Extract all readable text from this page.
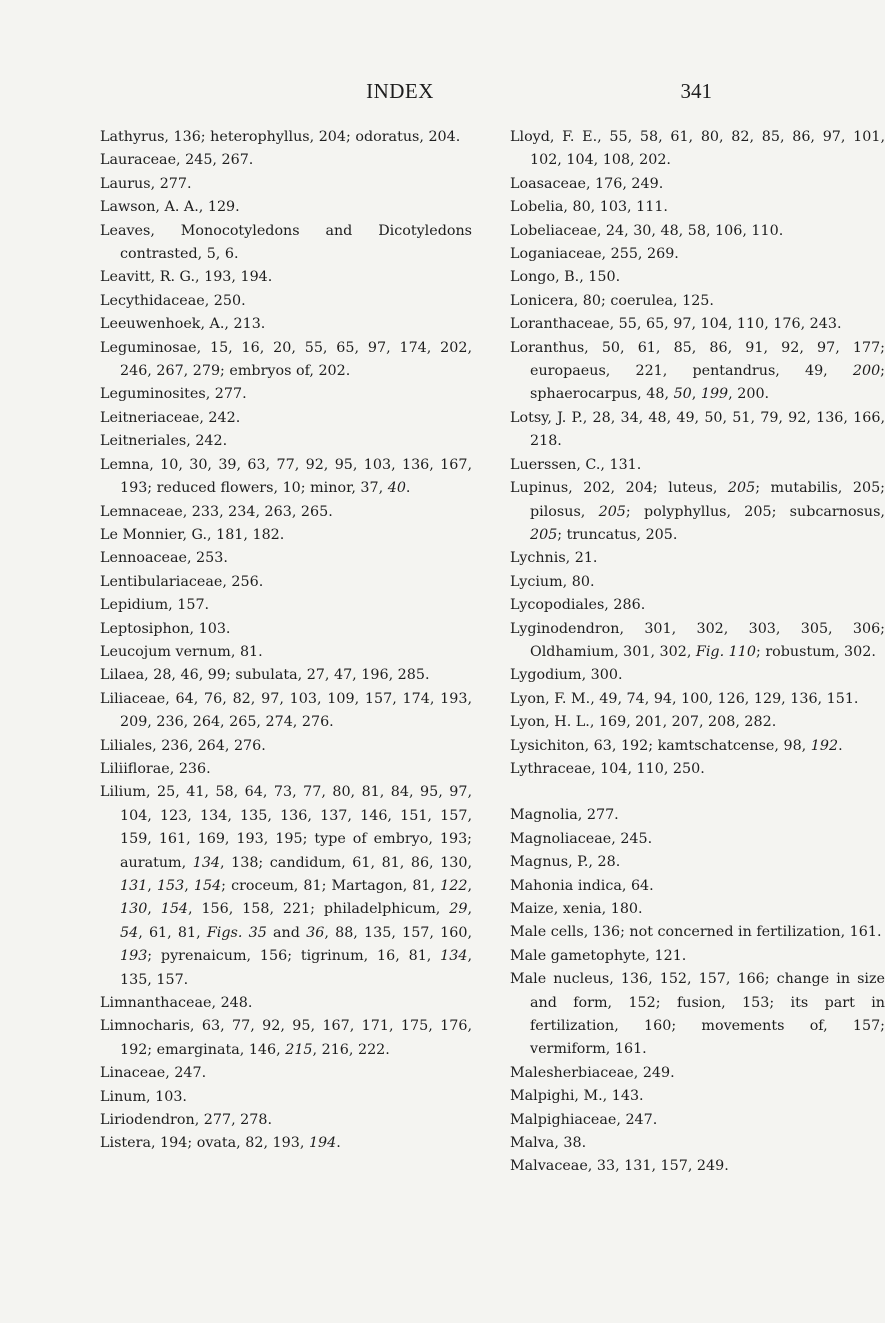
INDEX	341

Lathyrus, 136; heterophyllus, 204; odoratus, 204.

Lauraceae, 245, 267.

Laurus, 277.

Lawson, A. A., 129.

Leaves, Monocotyledons and Dicotyledons contrasted, 5, 6.

Leavitt, R. G., 193, 194.

Lecythidaceae, 250.

Leeuwenhoek, A., 213.

Leguminosae, 15, 16, 20, 55, 65, 97, 174, 202, 246, 267, 279; embryos of, 202.

Leguminosites, 277.

Leitneriaceae, 242.

Leitneriales, 242.

Lemna, 10, 30, 39, 63, 77, 92, 95, 103, 136, 167, 193; reduced flowers, 10; minor, 37, 40.

Lemnaceae, 233, 234, 263, 265.

Le Monnier, G., 181, 182.

Lennoaceae, 253.

Lentibulariaceae, 256.

Lepidium, 157.

Leptosiphon, 103.

Leucojum vernum, 81.

Lilaea, 28, 46, 99; subulata, 27, 47, 196, 285.

Liliaceae, 64, 76, 82, 97, 103, 109, 157, 174, 193, 209, 236, 264, 265, 274, 276.

Liliales, 236, 264, 276.

Liliiflorae, 236.

Lilium, 25, 41, 58, 64, 73, 77, 80, 81, 84, 95, 97, 104, 123, 134, 135, 136, 137, 146, 151, 157, 159, 161, 169, 193, 195; type of embryo, 193; auratum, 134, 138; candidum, 61, 81, 86, 130, 131, 153, 154; croceum, 81; Martagon, 81, 122, 130, 154, 156, 158, 221; philadelphicum, 29, 54, 61, 81, Figs. 35 and 36, 88, 135, 157, 160, 193; pyrenaicum, 156; tigrinum, 16, 81, 134, 135, 157.

Limnanthaceae, 248.

Limnocharis, 63, 77, 92, 95, 167, 171, 175, 176, 192; emarginata, 146, 215, 216, 222.

Linaceae, 247.

Linum, 103.

Liriodendron, 277, 278.

Listera, 194; ovata, 82, 193, 194.

Lloyd, F. E., 55, 58, 61, 80, 82, 85, 86, 97, 101, 102, 104, 108, 202.

Loasaceae, 176, 249.

Lobelia, 80, 103, 111.

Lobeliaceae, 24, 30, 48, 58, 106, 110.

Loganiaceae, 255, 269.

Longo, B., 150.

Lonicera, 80; coerulea, 125.

Loranthaceae, 55, 65, 97, 104, 110, 176, 243.

Loranthus, 50, 61, 85, 86, 91, 92, 97, 177; europaeus, 221, pentandrus, 49, 200; sphaerocarpus, 48, 50, 199, 200.

Lotsy, J. P., 28, 34, 48, 49, 50, 51, 79, 92, 136, 166, 218.

Luerssen, C., 131.

Lupinus, 202, 204; luteus, 205; mutabilis, 205; pilosus, 205; polyphyllus, 205; subcarnosus, 205; truncatus, 205.

Lychnis, 21.

Lycium, 80.

Lycopodiales, 286.

Lyginodendron, 301, 302, 303, 305, 306; Oldhamium, 301, 302, Fig. 110; robustum, 302.

Lygodium, 300.

Lyon, F. M., 49, 74, 94, 100, 126, 129, 136, 151.

Lyon, H. L., 169, 201, 207, 208, 282.

Lysichiton, 63, 192; kamtschatcense, 98, 192.

Lythraceae, 104, 110, 250.

Magnolia, 277.

Magnoliaceae, 245.

Magnus, P., 28.

Mahonia indica, 64.

Maize, xenia, 180.

Male cells, 136; not concerned in fertilization, 161.

Male gametophyte, 121.

Male nucleus, 136, 152, 157, 166; change in size and form, 152; fusion, 153; its part in fertilization, 160; movements of, 157; vermiform, 161.

Malesherbiaceae, 249.

Malpighi, M., 143.

Malpighiaceae, 247.

Malva, 38.

Malvaceae, 33, 131, 157, 249.
